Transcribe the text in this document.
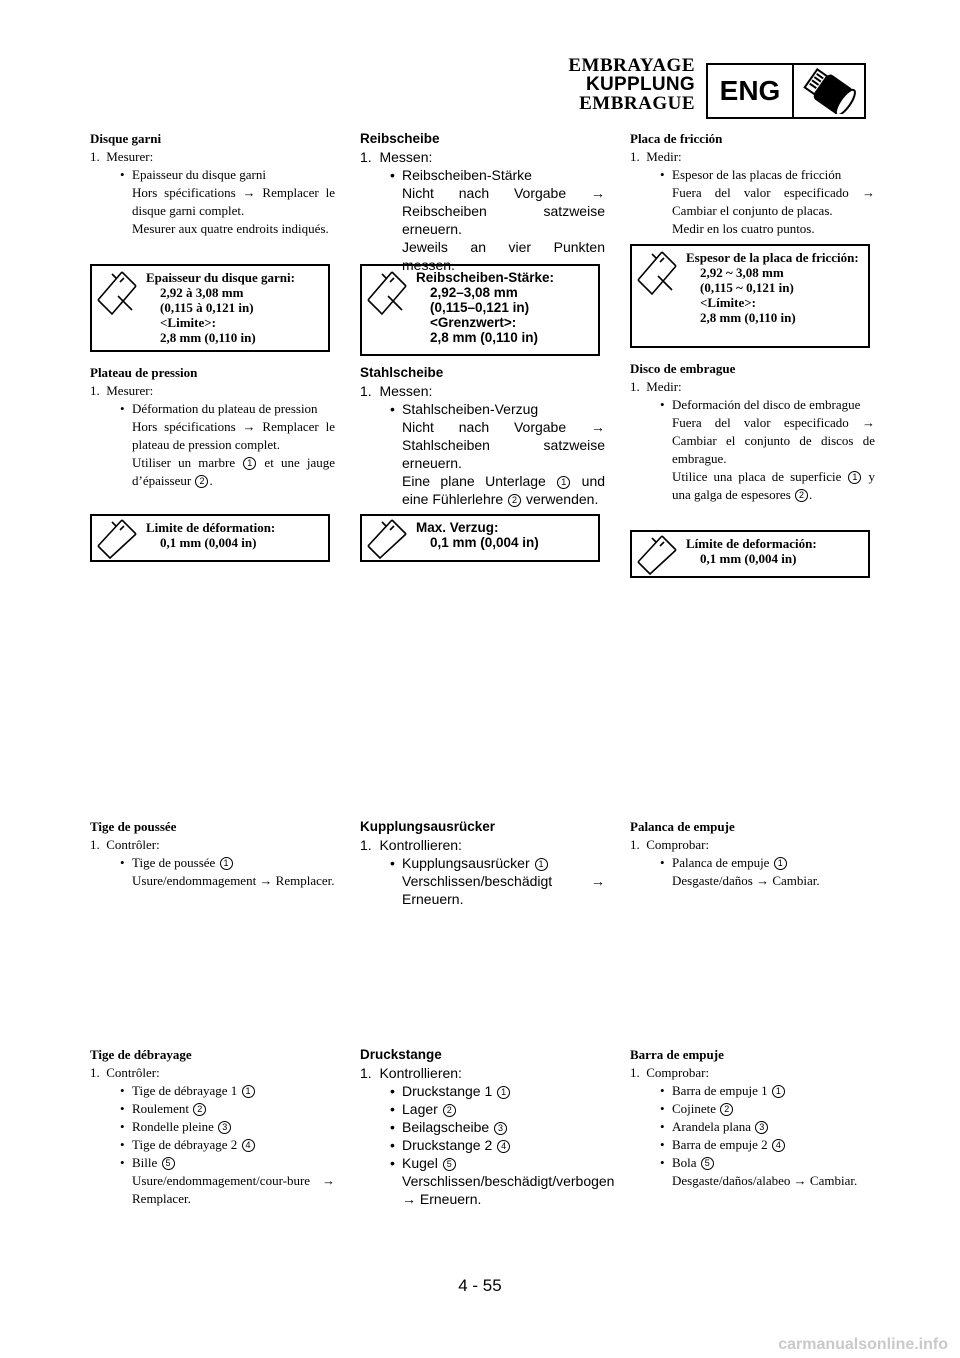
EMBRAYAGE
KUPPLUNG
EMBRAGUE ENG
Disque garni
1.  Mesurer:
• Epaisseur du disque garni
Hors spécifications → Remplacer le disque garni complet.
Mesurer aux quatre endroits indiqués.
Epaisseur du disque garni:
2,92 à 3,08 mm
(0,115 à 0,121 in)
<Limite>:
2,8 mm (0,110 in)
Plateau de pression
1.  Mesurer:
• Déformation du plateau de pression
Hors spécifications → Remplacer le plateau de pression complet.
Utiliser un marbre 1 et une jauge d’épaisseur 2 .
Limite de déformation:
0,1 mm (0,004 in)
Tige de poussée
1.  Contrôler:
• Tige de poussée 1
Usure/endommagement → Remplacer.
Tige de débrayage
1.  Contrôler:
• Tige de débrayage 1 1
• Roulement 2
• Rondelle pleine 3
• Tige de débrayage 2 4
• Bille 5
Usure/endommagement/cour-bure → Remplacer.
Reibscheibe
1.  Messen:
• Reibscheiben-Stärke
Nicht nach Vorgabe → Reibscheiben satzweise erneuern.
Jeweils an vier Punkten messen.
Reibscheiben-Stärke:
2,92–3,08 mm
(0,115–0,121 in)
<Grenzwert>:
2,8 mm (0,110 in)
Stahlscheibe
1.  Messen:
• Stahlscheiben-Verzug
Nicht nach Vorgabe → Stahlscheiben satzweise erneuern.
Eine plane Unterlage 1 und eine Fühlerlehre 2 verwenden.
Max. Verzug:
0,1 mm (0,004 in)
Kupplungsausrücker
1.  Kontrollieren:
• Kupplungsausrücker 1
Verschlissen/beschädigt → Erneuern.
Druckstange
1.  Kontrollieren:
• Druckstange 1 1
• Lager 2
• Beilagscheibe 3
• Druckstange 2 4
• Kugel 5
Verschlissen/beschädigt/verbogen → Erneuern.
Placa de fricción
1.  Medir:
• Espesor de las placas de fricción
Fuera del valor especificado → Cambiar el conjunto de placas.
Medir en los cuatro puntos.
Espesor de la placa de fricción:
2,92 ~ 3,08 mm
(0,115 ~ 0,121 in)
<Límite>:
2,8 mm (0,110 in)
Disco de embrague
1.  Medir:
• Deformación del disco de embrague
Fuera del valor especificado → Cambiar el conjunto de discos de embrague.
Utilice una placa de superficie 1 y una galga de espesores 2 .
Límite de deformación:
0,1 mm (0,004 in)
Palanca de empuje
1.  Comprobar:
• Palanca de empuje 1
Desgaste/daños → Cambiar.
Barra de empuje
1.  Comprobar:
• Barra de empuje 1 1
• Cojinete 2
• Arandela plana 3
• Barra de empuje 2 4
• Bola 5
Desgaste/daños/alabeo → Cambiar.
4 - 55
carmanualsonline.info
